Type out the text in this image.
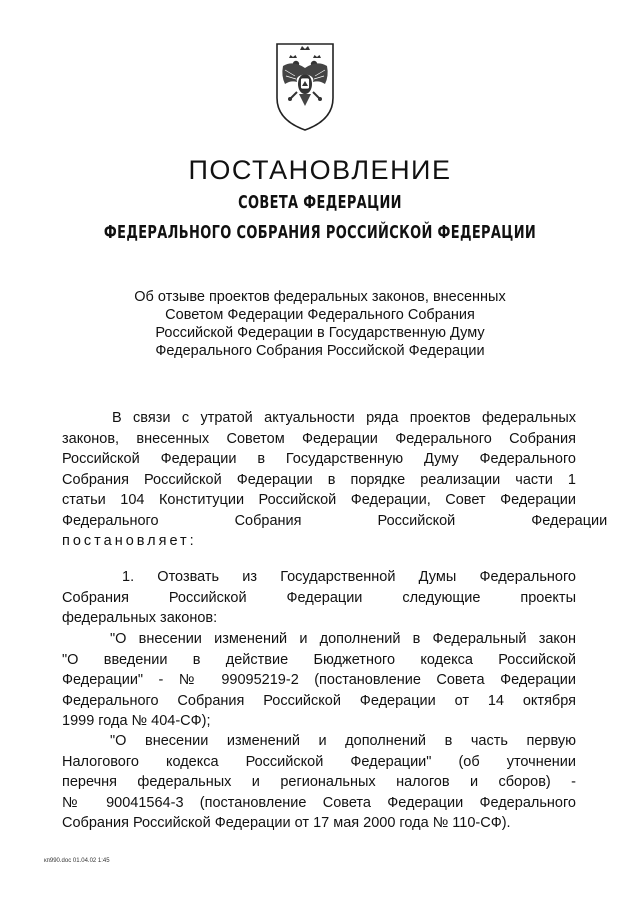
ПОСТАНОВЛЕНИЕ
СОВЕТА ФЕДЕРАЦИИ
ФЕДЕРАЛЬНОГО СОБРАНИЯ РОССИЙСКОЙ ФЕДЕРАЦИИ
Об отзыве проектов федеральных законов, внесенных
Советом Федерации Федерального Собрания
Российской Федерации в Государственную Думу
Федерального Собрания Российской Федерации
В связи с утратой актуальности ряда проектов федеральных
законов, внесенных Советом Федерации Федерального Собрания
Российской Федерации в Государственную Думу Федерального
Собрания Российской Федерации в порядке реализации части 1
статьи 104 Конституции Российской Федерации, Совет Федерации
Федерального Собрания Российской Федерации
постановляет:
1. Отозвать из Государственной Думы Федерального
Собрания Российской Федерации следующие проекты
федеральных законов:
"О внесении изменений и дополнений в Федеральный закон
"О введении в действие Бюджетного кодекса Российской
Федерации" - № 99095219-2 (постановление Совета Федерации
Федерального Собрания Российской Федерации от 14 октября
1999 года № 404-СФ);
"О внесении изменений и дополнений в часть первую
Налогового кодекса Российской Федерации" (об уточнении
перечня федеральных и региональных налогов и сборов) -
№ 90041564-3 (постановление Совета Федерации Федерального
Собрания Российской Федерации от 17 мая 2000 года № 110-СФ).
кп990.doc 01.04.02 1:45
